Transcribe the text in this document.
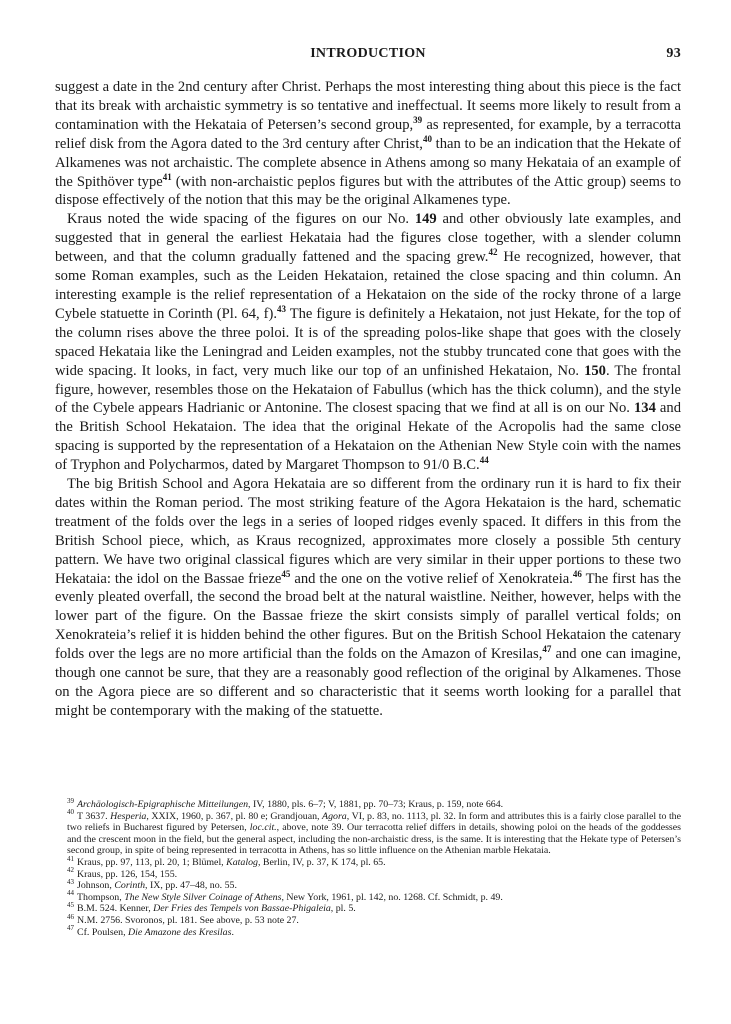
INTRODUCTION	93

suggest a date in the 2nd century after Christ. Perhaps the most interesting thing about this piece is the fact that its break with archaistic symmetry is so tentative and ineffectual. It seems more likely to result from a contamination with the Hekataia of Petersen’s second group,$^{39}$ as represented, for example, by a terracotta relief disk from the Agora dated to the 3rd century after Christ,$^{40}$ than to be an indication that the Hekate of Alkamenes was not archaistic. The complete absence in Athens among so many Hekataia of an example of the Spithöver type$^{41}$ (with non-archaistic peplos figures but with the attributes of the Attic group) seems to dispose effectively of the notion that this may be the original Alkamenes type.

Kraus noted the wide spacing of the figures on our No. 149 and other obviously late examples, and suggested that in general the earliest Hekataia had the figures close together, with a slender column between, and that the column gradually fattened and the spacing grew.$^{42}$ He recognized, however, that some Roman examples, such as the Leiden Hekataion, retained the close spacing and thin column. An interesting example is the relief representation of a Hekataion on the side of the rocky throne of a large Cybele statuette in Corinth (Pl. 64, f).$^{43}$ The figure is definitely a Hekataion, not just Hekate, for the top of the column rises above the three poloi. It is of the spreading polos-like shape that goes with the closely spaced Hekataia like the Leningrad and Leiden examples, not the stubby truncated cone that goes with the wide spacing. It looks, in fact, very much like our top of an unfinished Hekataion, No. 150. The frontal figure, however, resembles those on the Hekataion of Fabullus (which has the thick column), and the style of the Cybele appears Hadrianic or Antonine. The closest spacing that we find at all is on our No. 134 and the British School Hekataion. The idea that the original Hekate of the Acropolis had the same close spacing is supported by the representation of a Hekataion on the Athenian New Style coin with the names of Tryphon and Polycharmos, dated by Margaret Thompson to 91/0 B.C.$^{44}$

The big British School and Agora Hekataia are so different from the ordinary run it is hard to fix their dates within the Roman period. The most striking feature of the Agora Hekataion is the hard, schematic treatment of the folds over the legs in a series of looped ridges evenly spaced. It differs in this from the British School piece, which, as Kraus recognized, approximates more closely a possible 5th century pattern. We have two original classical figures which are very similar in their upper portions to these two Hekataia: the idol on the Bassae frieze$^{45}$ and the one on the votive relief of Xenokrateia.$^{46}$ The first has the evenly pleated overfall, the second the broad belt at the natural waistline. Neither, however, helps with the lower part of the figure. On the Bassae frieze the skirt consists simply of parallel vertical folds; on Xenokrateia’s relief it is hidden behind the other figures. But on the British School Hekataion the catenary folds over the legs are no more artificial than the folds on the Amazon of Kresilas,$^{47}$ and one can imagine, though one cannot be sure, that they are a reasonably good reflection of the original by Alkamenes. Those on the Agora piece are so different and so characteristic that it seems worth looking for a parallel that might be contemporary with the making of the statuette.

$^{39}$ Archäologisch-Epigraphische Mitteilungen, IV, 1880, pls. 6–7; V, 1881, pp. 70–73; Kraus, p. 159, note 664.

$^{40}$ T 3637. Hesperia, XXIX, 1960, p. 367, pl. 80 e; Grandjouan, Agora, VI, p. 83, no. 1113, pl. 32. In form and attributes this is a fairly close parallel to the two reliefs in Bucharest figured by Petersen, loc.cit., above, note 39. Our terracotta relief differs in details, showing poloi on the heads of the goddesses and the crescent moon in the field, but the general aspect, including the non-archaistic dress, is the same. It is interesting that the Hekate type of Petersen’s second group, in spite of being represented in terracotta in Athens, has so little influence on the Athenian marble Hekataia.

$^{41}$ Kraus, pp. 97, 113, pl. 20, 1; Blümel, Katalog, Berlin, IV, p. 37, K 174, pl. 65.

$^{42}$ Kraus, pp. 126, 154, 155.

$^{43}$ Johnson, Corinth, IX, pp. 47–48, no. 55.

$^{44}$ Thompson, The New Style Silver Coinage of Athens, New York, 1961, pl. 142, no. 1268. Cf. Schmidt, p. 49.

$^{45}$ B.M. 524. Kenner, Der Fries des Tempels von Bassae-Phigaleia, pl. 5.

$^{46}$ N.M. 2756. Svoronos, pl. 181. See above, p. 53 note 27.

$^{47}$ Cf. Poulsen, Die Amazone des Kresilas.
